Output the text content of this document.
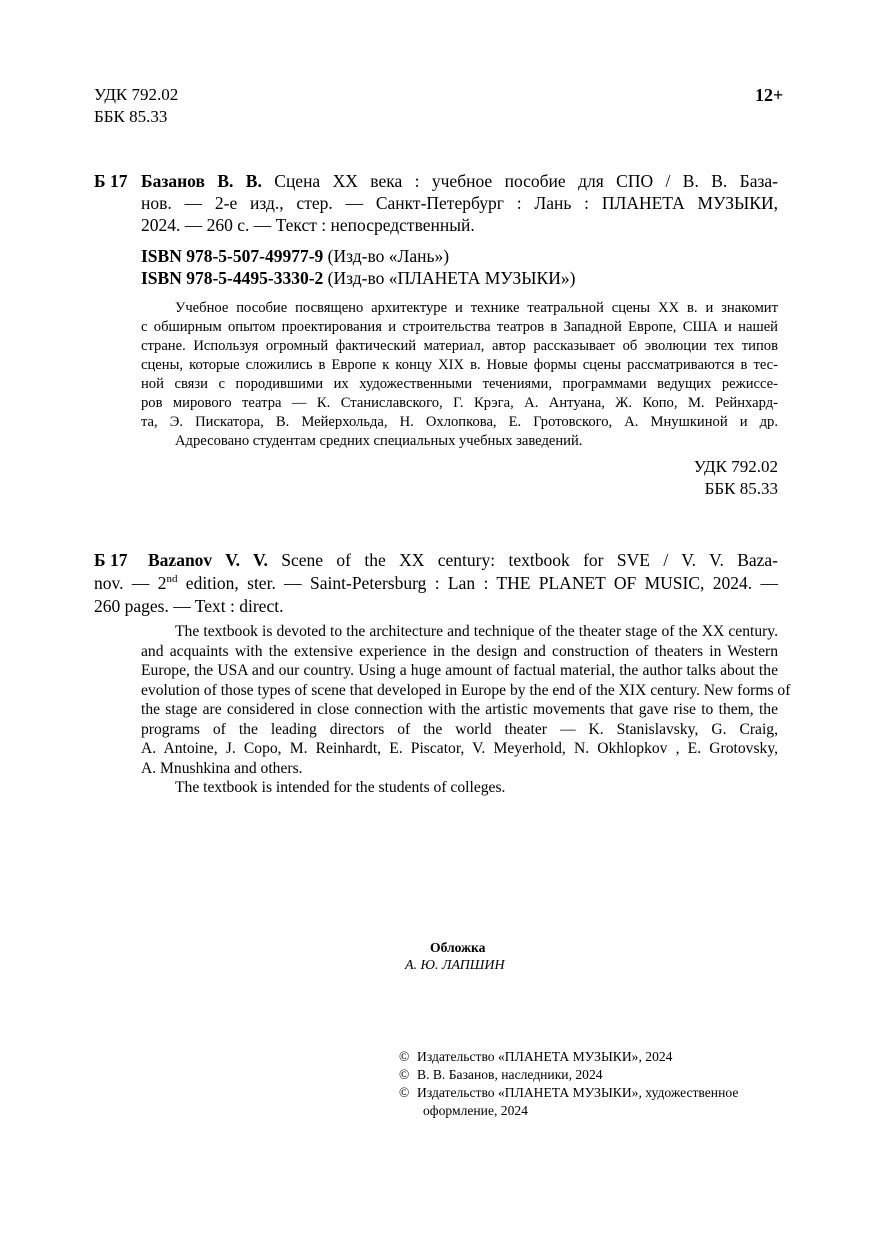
УДК 792.02
ББК 85.33
12+
Б 17 Базанов В. В. Сцена XX века : учебное пособие для СПО / В. В. База-
нов. — 2-е изд., стер. — Санкт-Петербург : Лань : ПЛАНЕТА МУЗЫКИ,
2024. — 260 с. — Текст : непосредственный.
ISBN 978-5-507-49977-9 (Изд-во «Лань»)
ISBN 978-5-4495-3330-2 (Изд-во «ПЛАНЕТА МУЗЫКИ»)
Учебное пособие посвящено архитектуре и технике театральной сцены XX в. и знакомит
с обширным опытом проектирования и строительства театров в Западной Европе, США и нашей
стране. Используя огромный фактический материал, автор рассказывает об эволюции тех типов
сцены, которые сложились в Европе к концу XIX в. Новые формы сцены рассматриваются в тес-
ной связи с породившими их художественными течениями, программами ведущих режиссе-
ров мирового театра — К. Станиславского, Г. Крэга, А. Антуана, Ж. Копо, М. Рейнхард-
та, Э. Пискатора, В. Мейерхольда, Н. Охлопкова, Е. Гротовского, А. Мнушкиной и др.
Адресовано студентам средних специальных учебных заведений.
УДК 792.02
ББК 85.33
Б 17	Bazanov V. V. Scene of the XX century: textbook for SVE / V. V. Baza-
nov. — 2nd edition, ster. — Saint-Petersburg : Lan : THE PLANET OF MUSIC, 2024. —
260 pages. — Text : direct.
The textbook is devoted to the architecture and technique of the theater stage of the XX century.
and acquaints with the extensive experience in the design and construction of theaters in Western
Europe, the USA and our country. Using a huge amount of factual material, the author talks about the
evolution of those types of scene that developed in Europe by the end of the XIX century. New forms of
the stage are considered in close connection with the artistic movements that gave rise to them, the
programs of the leading directors of the world theater — K. Stanislavsky, G. Craig,
A. Antoine, J. Copo, M. Reinhardt, E. Piscator, V. Meyerhold, N. Okhlopkov , E. Grotovsky,
A. Mnushkina and others.
The textbook is intended for the students of colleges.
Обложка
А. Ю. ЛАПШИН
© Издательство «ПЛАНЕТА МУЗЫКИ», 2024
© В. В. Базанов, наследники, 2024
© Издательство «ПЛАНЕТА МУЗЫКИ», художественное
оформление, 2024
